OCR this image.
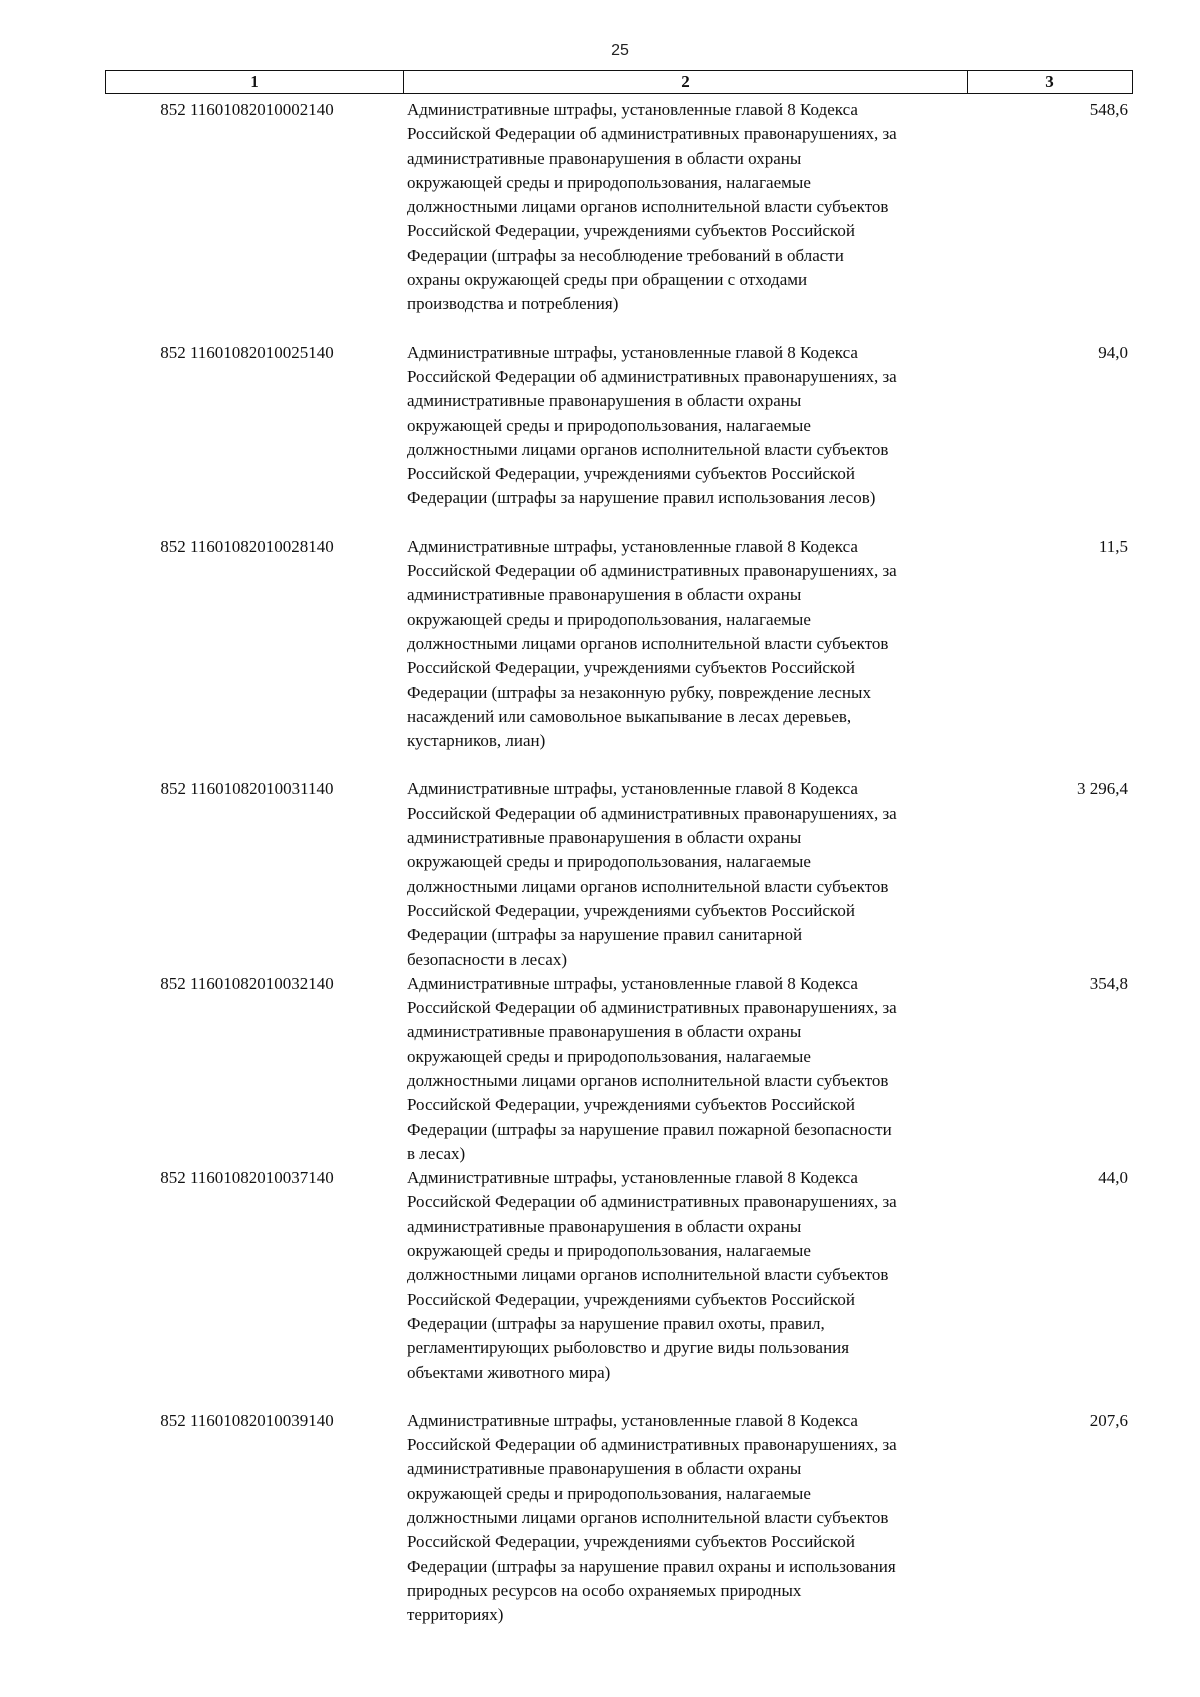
25
1	2	3
852 11601082010002140	Административные штрафы, установленные главой 8 Кодекса
Российской Федерации об административных правонарушениях, за
административные правонарушения в области охраны
окружающей среды и природопользования, налагаемые
должностными лицами органов исполнительной власти субъектов
Российской Федерации, учреждениями субъектов Российской
Федерации (штрафы за несоблюдение требований в области
охраны окружающей среды при обращении с отходами
производства и потребления)
548,6
852 11601082010025140	Административные штрафы, установленные главой 8 Кодекса
Российской Федерации об административных правонарушениях, за
административные правонарушения в области охраны
окружающей среды и природопользования, налагаемые
должностными лицами органов исполнительной власти субъектов
Российской Федерации, учреждениями субъектов Российской
Федерации (штрафы за нарушение правил использования лесов)
94,0
852 11601082010028140	Административные штрафы, установленные главой 8 Кодекса
Российской Федерации об административных правонарушениях, за
административные правонарушения в области охраны
окружающей среды и природопользования, налагаемые
должностными лицами органов исполнительной власти субъектов
Российской Федерации, учреждениями субъектов Российской
Федерации (штрафы за незаконную рубку, повреждение лесных
насаждений или самовольное выкапывание в лесах деревьев,
кустарников, лиан)
11,5
852 11601082010031140	Административные штрафы, установленные главой 8 Кодекса
Российской Федерации об административных правонарушениях, за
административные правонарушения в области охраны
окружающей среды и природопользования, налагаемые
должностными лицами органов исполнительной власти субъектов
Российской Федерации, учреждениями субъектов Российской
Федерации (штрафы за нарушение правил санитарной
безопасности в лесах)
3 296,4
852 11601082010032140	Административные штрафы, установленные главой 8 Кодекса
Российской Федерации об административных правонарушениях, за
административные правонарушения в области охраны
окружающей среды и природопользования, налагаемые
должностными лицами органов исполнительной власти субъектов
Российской Федерации, учреждениями субъектов Российской
Федерации (штрафы за нарушение правил пожарной безопасности
в лесах)
354,8
852 11601082010037140	Административные штрафы, установленные главой 8 Кодекса
Российской Федерации об административных правонарушениях, за
административные правонарушения в области охраны
окружающей среды и природопользования, налагаемые
должностными лицами органов исполнительной власти субъектов
Российской Федерации, учреждениями субъектов Российской
Федерации (штрафы за нарушение правил охоты, правил,
регламентирующих рыболовство и другие виды пользования
объектами животного мира)
44,0
852 11601082010039140	Административные штрафы, установленные главой 8 Кодекса
Российской Федерации об административных правонарушениях, за
административные правонарушения в области охраны
окружающей среды и природопользования, налагаемые
должностными лицами органов исполнительной власти субъектов
Российской Федерации, учреждениями субъектов Российской
Федерации (штрафы за нарушение правил охраны и использования
природных ресурсов на особо охраняемых природных
территориях)
207,6
